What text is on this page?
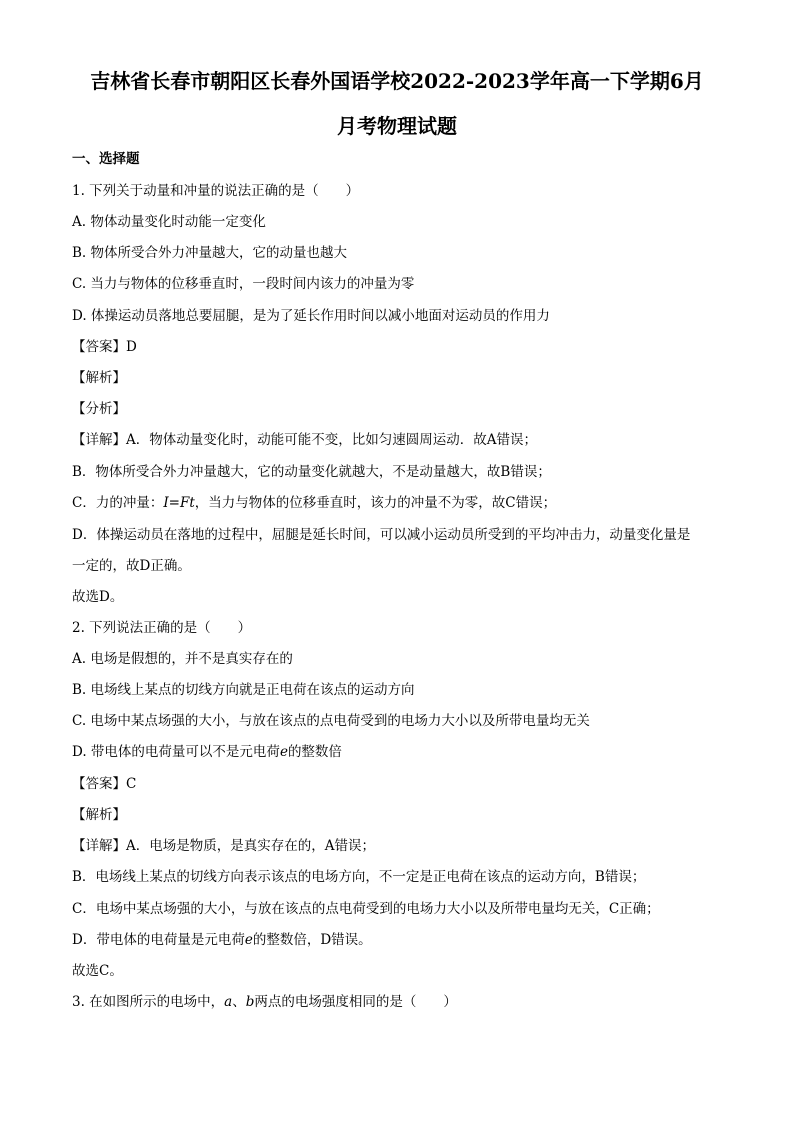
吉林省长春市朝阳区长春外国语学校2022-2023学年高一下学期6月
月考物理试题
一、选择题
1. 下列关于动量和冲量的说法正确的是（　　）
A. 物体动量变化时动能一定变化
B. 物体所受合外力冲量越大，它的动量也越大
C. 当力与物体的位移垂直时，一段时间内该力的冲量为零
D. 体操运动员落地总要屈腿，是为了延长作用时间以减小地面对运动员的作用力
【答案】D
【解析】
【分析】
【详解】A．物体动量变化时，动能可能不变，比如匀速圆周运动．故A错误；
B．物体所受合外力冲量越大，它的动量变化就越大，不是动量越大，故B错误；
C．力的冲量：I=Ft，当力与物体的位移垂直时，该力的冲量不为零，故C错误；
D．体操运动员在落地的过程中，屈腿是延长时间，可以减小运动员所受到的平均冲击力，动量变化量是
一定的，故D正确。
故选D。
2. 下列说法正确的是（　　）
A. 电场是假想的，并不是真实存在的
B. 电场线上某点的切线方向就是正电荷在该点的运动方向
C. 电场中某点场强的大小，与放在该点的点电荷受到的电场力大小以及所带电量均无关
D. 带电体的电荷量可以不是元电荷e的整数倍
【答案】C
【解析】
【详解】A．电场是物质，是真实存在的，A错误；
B．电场线上某点的切线方向表示该点的电场方向，不一定是正电荷在该点的运动方向，B错误；
C．电场中某点场强的大小，与放在该点的点电荷受到的电场力大小以及所带电量均无关，C正确；
D．带电体的电荷量是元电荷e的整数倍，D错误。
故选C。
3. 在如图所示的电场中，a、b两点的电场强度相同的是（　　）
